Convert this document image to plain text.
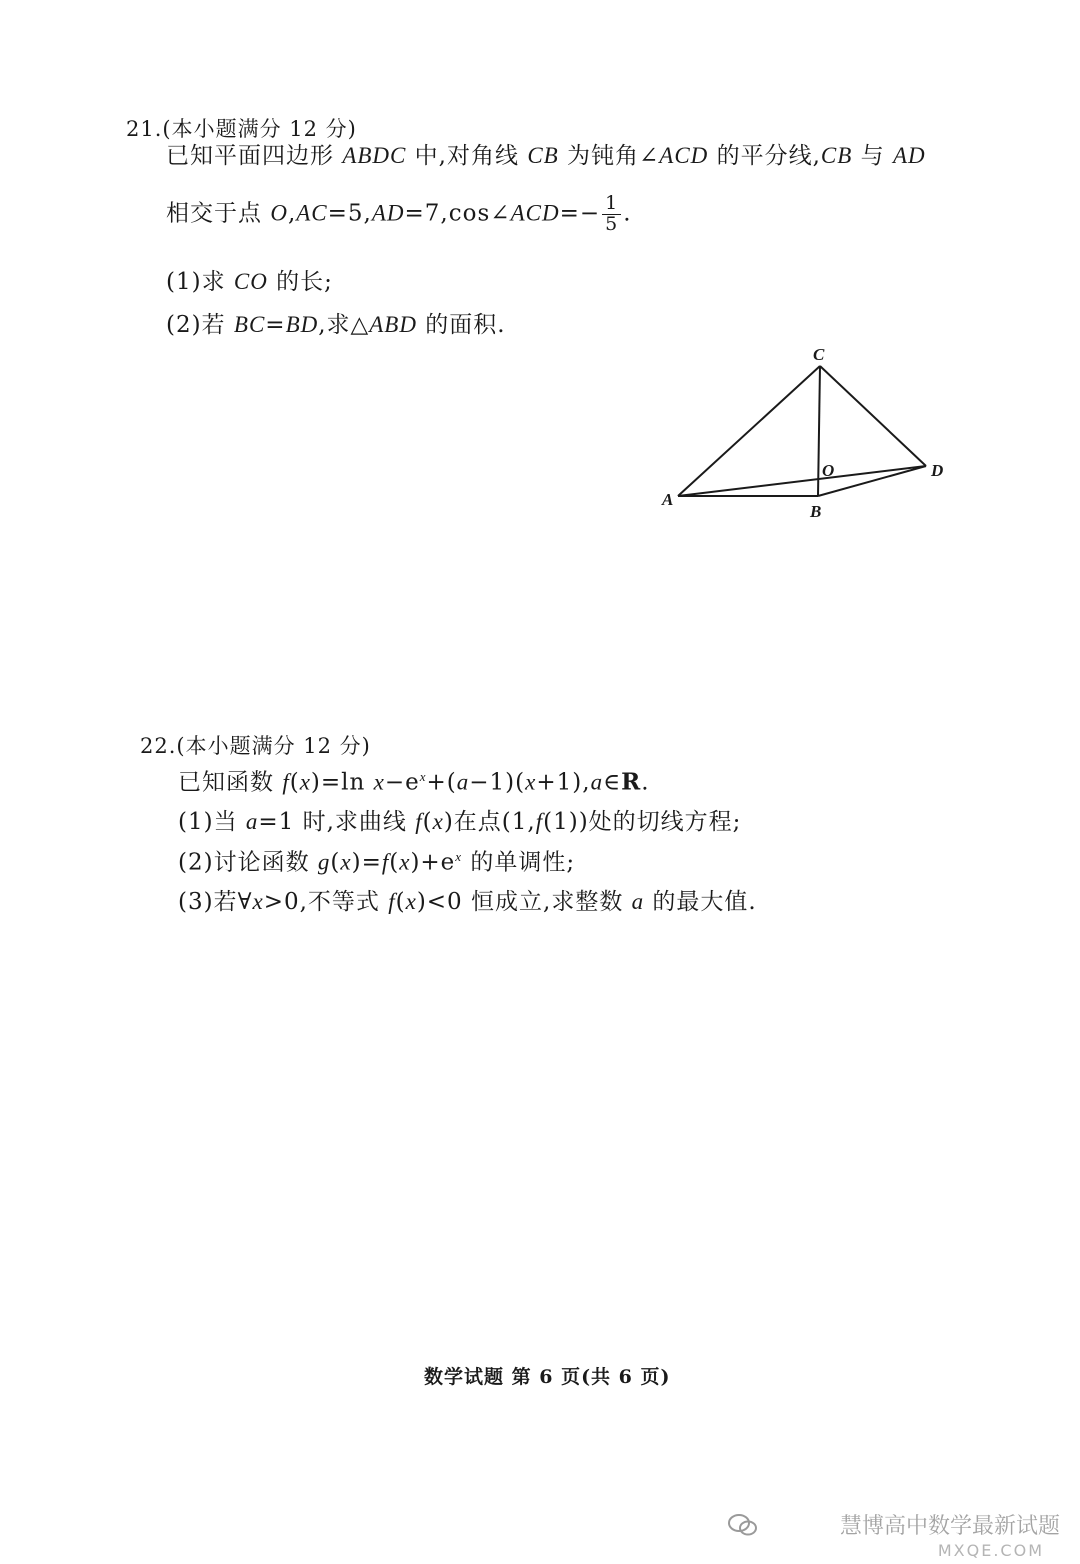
21.(本小题满分 12 分)
已知平面四边形 ABDC 中,对角线 CB 为钝角∠ACD 的平分线,CB 与 AD
相交于点 O,AC=5,AD=7,cos∠ACD=− $\frac{1}{5}$ .
(1)求 CO 的长;
(2)若 BC=BD,求△ABD 的面积.
C
O	D
A
B
22.(本小题满分 12 分)
已知函数 f(x)=ln $x-e^x+(a-1)(x+1),a\in R$.
(1)当 a=1 时,求曲线 f(x)在点(1,f(1))处的切线方程;
(2)讨论函数 $g(x)=f(x)+e^x$ 的单调性;
(3)若∀x>0,不等式 f(x)<0 恒成立,求整数 a 的最大值.
数学试题 第 6 页(共 6 页)
慧博高中数学最新试题
MXQE.COM
